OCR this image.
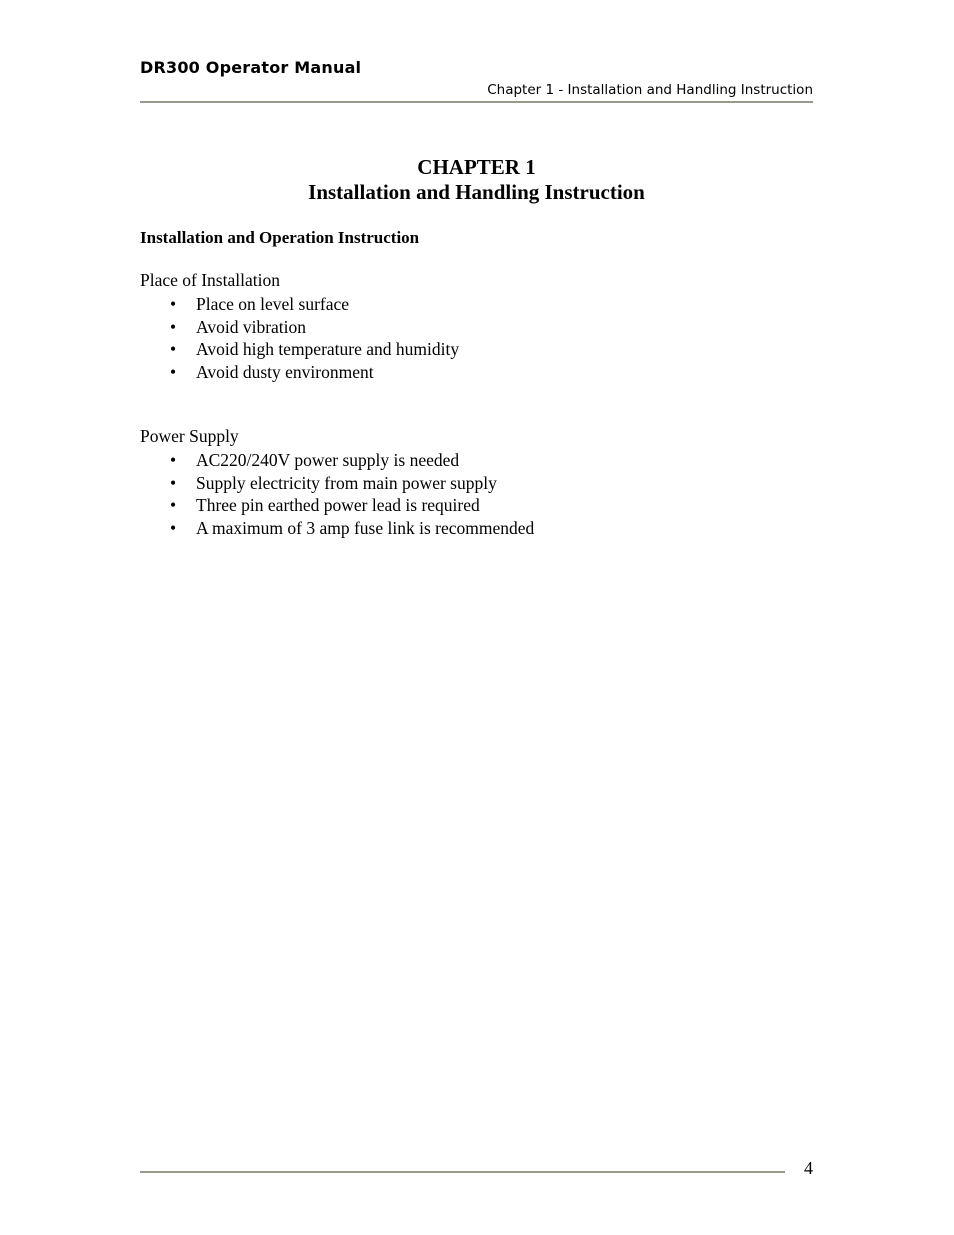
DR300 Operator Manual
Chapter 1 - Installation and Handling Instruction
CHAPTER 1
Installation and Handling Instruction
Installation and Operation Instruction
Place of Installation
• Place on level surface
• Avoid vibration
• Avoid high temperature and humidity
• Avoid dusty environment
Power Supply
• AC220/240V power supply is needed
• Supply electricity from main power supply
• Three pin earthed power lead is required
• A maximum of 3 amp fuse link is recommended
4
